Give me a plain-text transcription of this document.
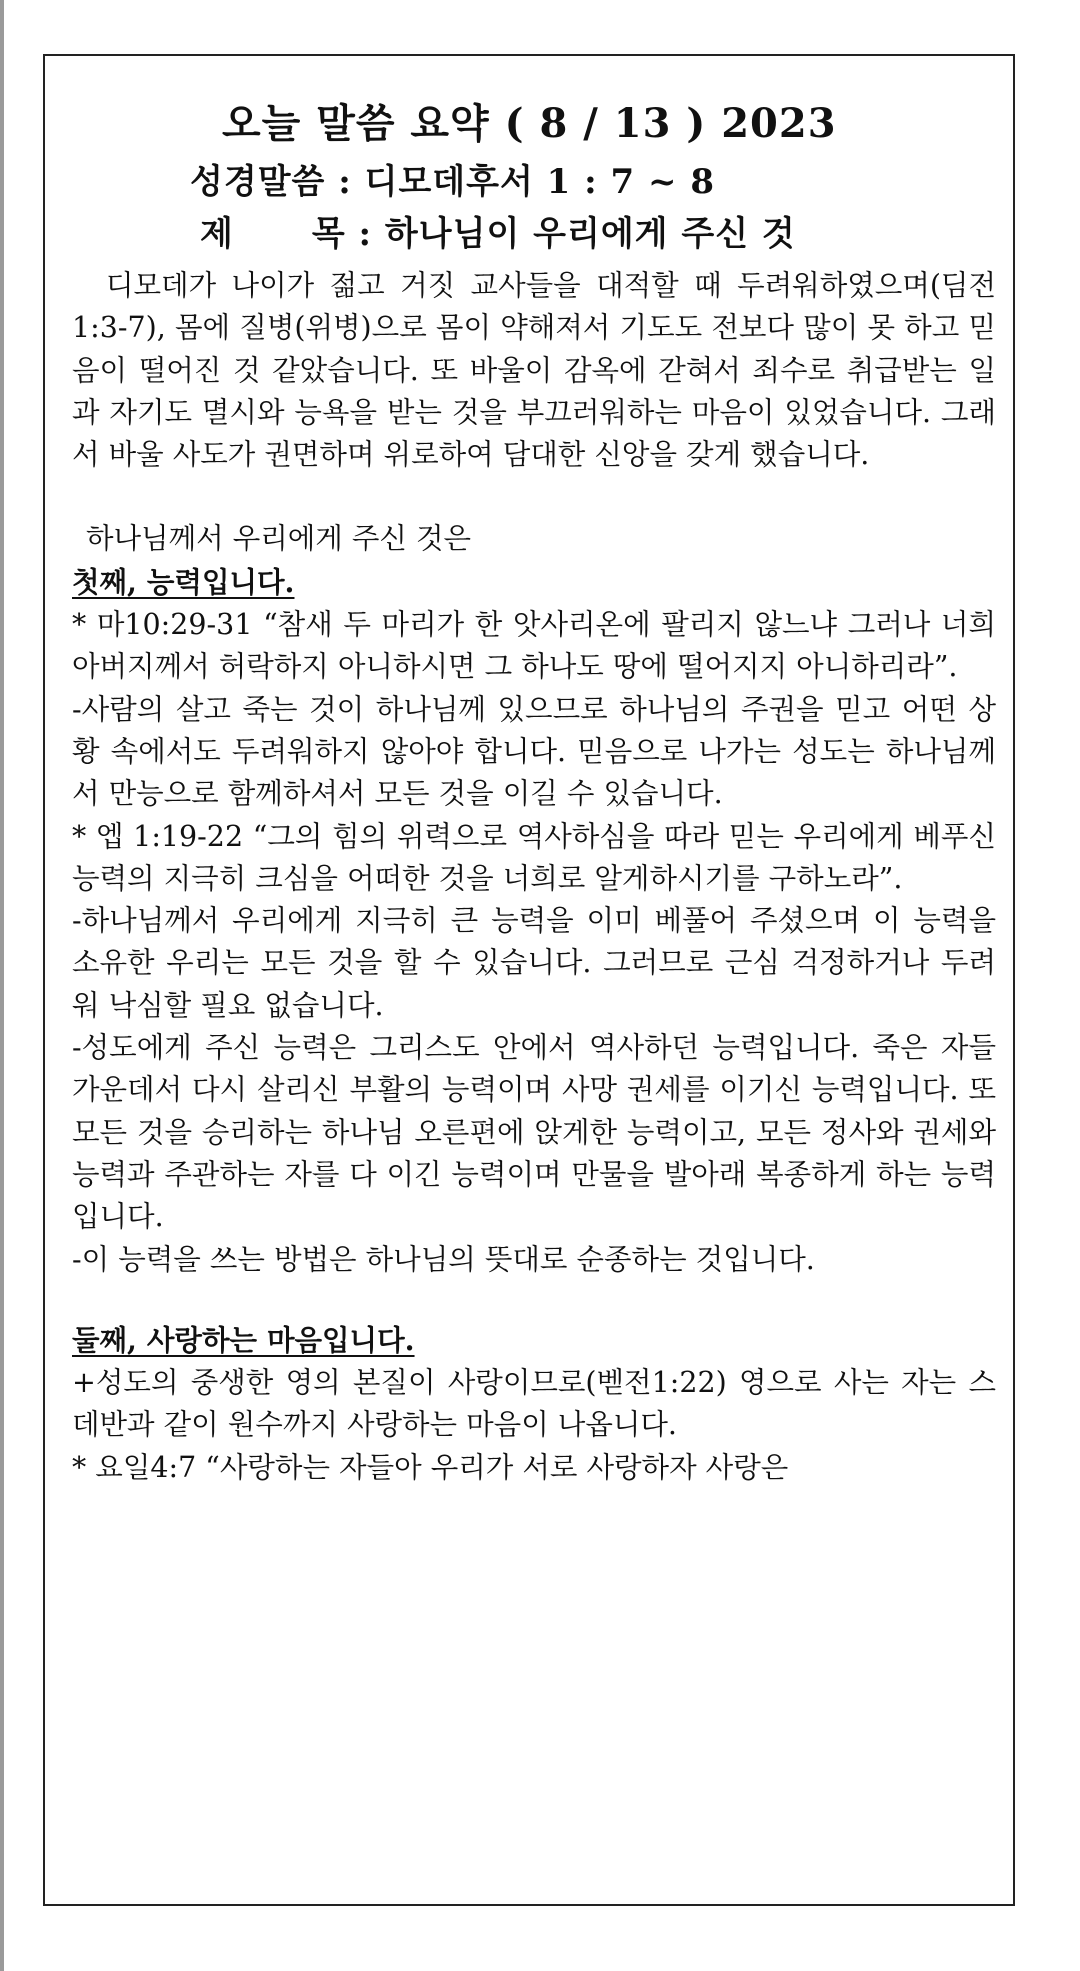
오늘 말씀 요약 ( 8 / 13 ) 2023
성경말씀 : 디모데후서 1 : 7 ~ 8
제 목 : 하나님이 우리에게 주신 것

디모데가 나이가 젊고 거짓 교사들을 대적할 때 두려워하였으며(딤전1:3-7), 몸에 질병(위병)으로 몸이 약해져서 기도도 전보다 많이 못 하고 믿음이 떨어진 것 같았습니다. 또 바울이 감옥에 갇혀서 죄수로 취급받는 일과 자기도 멸시와 능욕을 받는 것을 부끄러워하는 마음이 있었습니다. 그래서 바울 사도가 권면하며 위로하여 담대한 신앙을 갖게 했습니다.

하나님께서 우리에게 주신 것은

첫째, 능력입니다.

* 마10:29-31 “참새 두 마리가 한 앗사리온에 팔리지 않느냐 그러나 너희 아버지께서 허락하지 아니하시면 그 하나도 땅에 떨어지지 아니하리라”.

-사람의 살고 죽는 것이 하나님께 있으므로 하나님의 주권을 믿고 어떤 상황 속에서도 두려워하지 않아야 합니다. 믿음으로 나가는 성도는 하나님께서 만능으로 함께하셔서 모든 것을 이길 수 있습니다.

* 엡 1:19-22 “그의 힘의 위력으로 역사하심을 따라 믿는 우리에게 베푸신 능력의 지극히 크심을 어떠한 것을 너희로 알게하시기를 구하노라”.

-하나님께서 우리에게 지극히 큰 능력을 이미 베풀어 주셨으며 이 능력을 소유한 우리는 모든 것을 할 수 있습니다. 그러므로 근심 걱정하거나 두려워 낙심할 필요 없습니다.

-성도에게 주신 능력은 그리스도 안에서 역사하던 능력입니다. 죽은 자들 가운데서 다시 살리신 부활의 능력이며 사망 권세를 이기신 능력입니다. 또 모든 것을 승리하는 하나님 오른편에 앉게한 능력이고, 모든 정사와 권세와 능력과 주관하는 자를 다 이긴 능력이며 만물을 발아래 복종하게 하는 능력입니다.

-이 능력을 쓰는 방법은 하나님의 뜻대로 순종하는 것입니다.

둘째, 사랑하는 마음입니다.

+성도의 중생한 영의 본질이 사랑이므로(벧전1:22) 영으로 사는 자는 스데반과 같이 원수까지 사랑하는 마음이 나옵니다.

* 요일4:7 “사랑하는 자들아 우리가 서로 사랑하자 사랑은
